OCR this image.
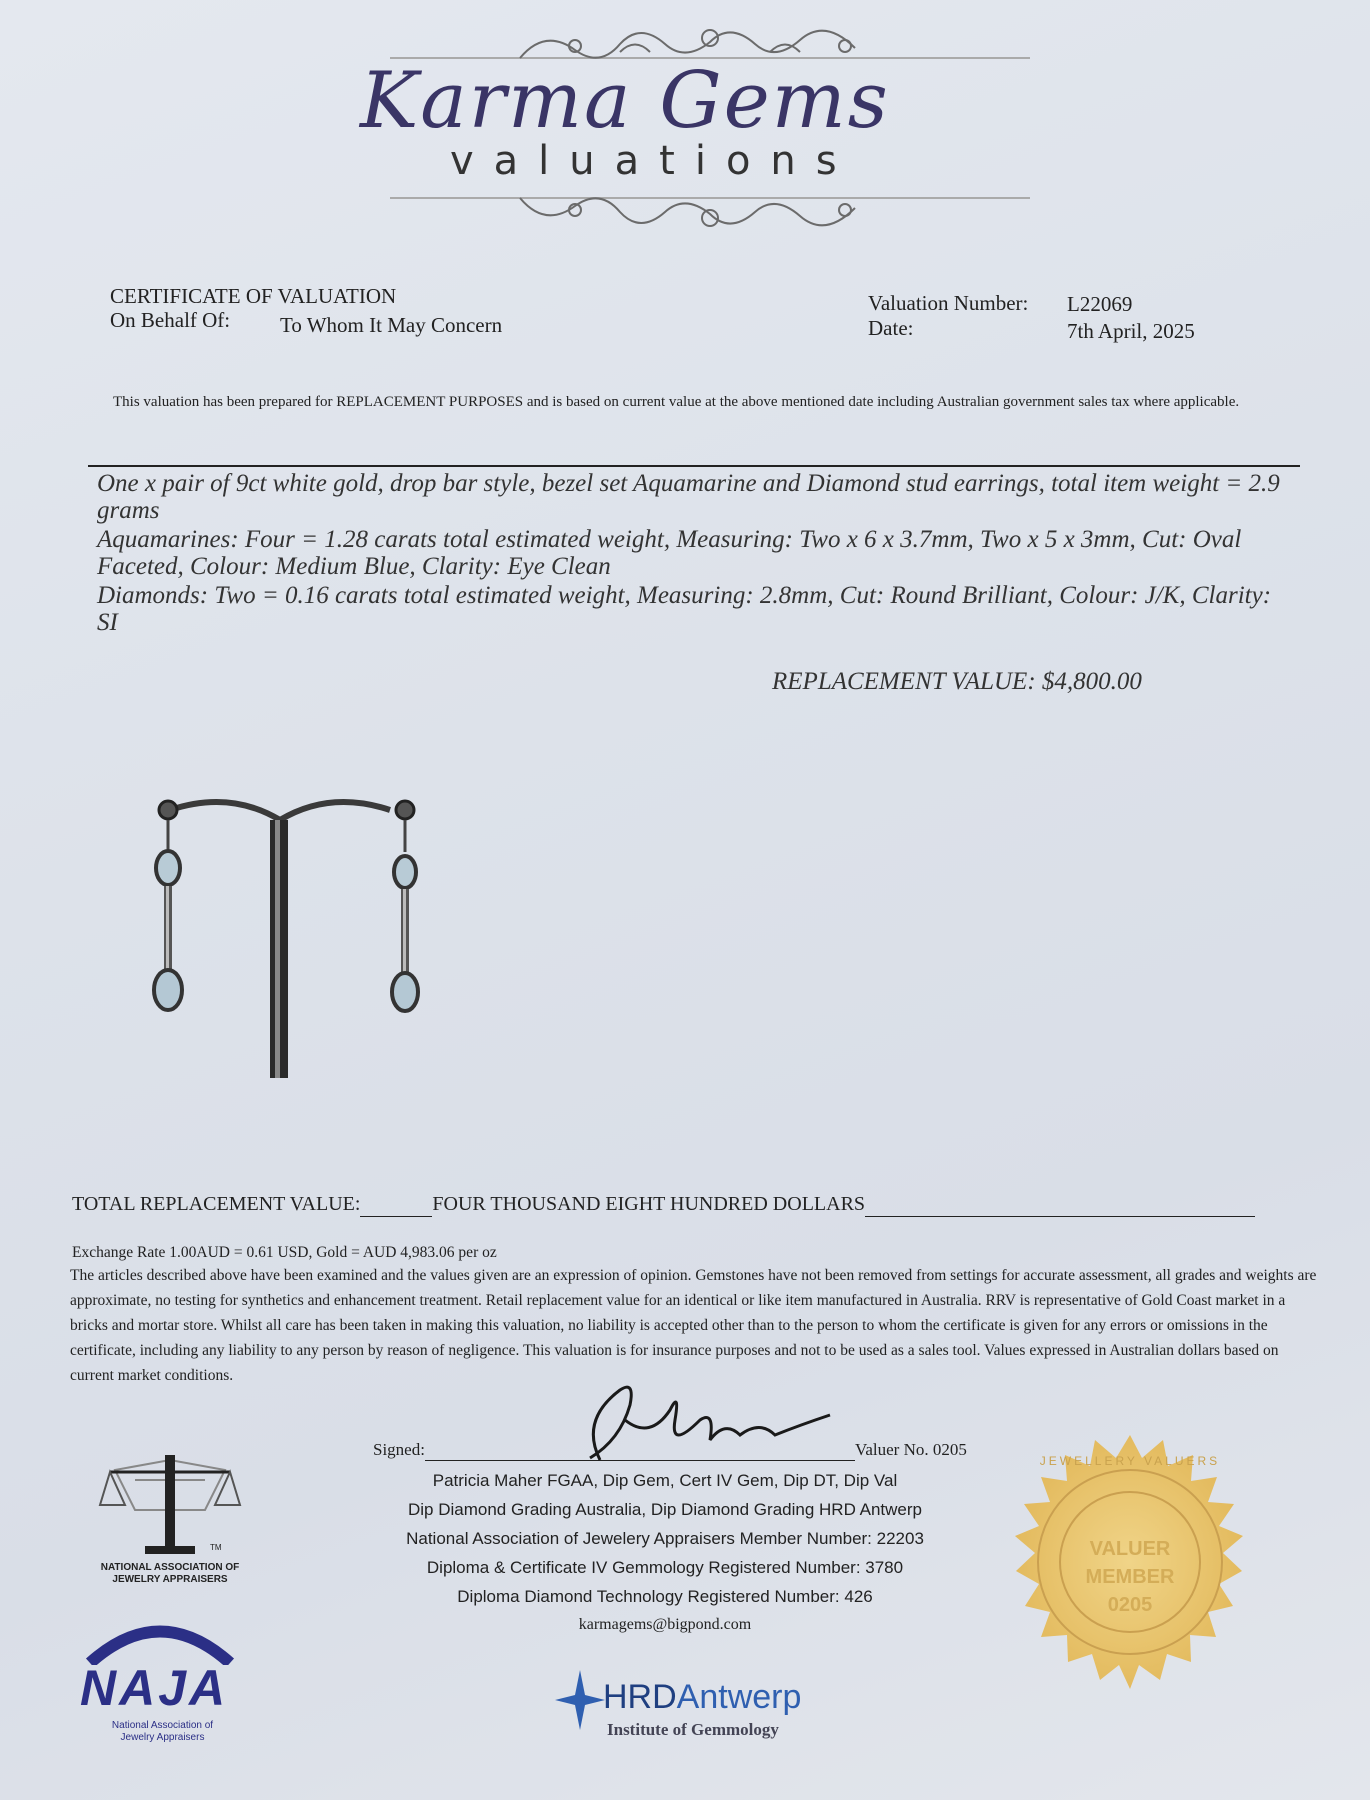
Karma Gems
valuations
CERTIFICATE OF VALUATION
On Behalf Of: To Whom It May Concern
Valuation Number: L22069
Date:	7th April, 2025
This valuation has been prepared for REPLACEMENT PURPOSES and is based on current value at the above mentioned date including Australian government sales tax where applicable.

One x pair of 9ct white gold, drop bar style, bezel set Aquamarine and Diamond stud earrings, total item weight = 2.9 grams

Aquamarines: Four = 1.28 carats total estimated weight, Measuring: Two x 6 x 3.7mm, Two x 5 x 3mm, Cut: Oval Faceted, Colour: Medium Blue, Clarity: Eye Clean

Diamonds: Two = 0.16 carats total estimated weight, Measuring: 2.8mm, Cut: Round Brilliant, Colour: J/K, Clarity: SI

REPLACEMENT VALUE: $4,800.00
TOTAL REPLACEMENT VALUE:	FOUR THOUSAND EIGHT HUNDRED DOLLARS
Exchange Rate 1.00AUD = 0.61 USD, Gold = AUD 4,983.06 per oz
The articles described above have been examined and the values given are an expression of opinion. Gemstones have not been removed from settings for accurate assessment, all grades and weights are approximate, no testing for synthetics and enhancement treatment. Retail replacement value for an identical or like item manufactured in Australia. RRV is representative of Gold Coast market in a bricks and mortar store. Whilst all care has been taken in making this valuation, no liability is accepted other than to the person to whom the certificate is given for any errors or omissions in the certificate, including any liability to any person by reason of negligence. This valuation is for insurance purposes and not to be used as a sales tool. Values expressed in Australian dollars based on current market conditions.
Signed:	Valuer No. 0205
Patricia Maher FGAA, Dip Gem, Cert IV Gem, Dip DT, Dip Val
Dip Diamond Grading Australia, Dip Diamond Grading HRD Antwerp
National Association of Jewelery Appraisers Member Number: 22203
Diploma & Certificate IV Gemmology Registered Number: 3780
Diploma Diamond Technology Registered Number: 426
karmagems@bigpond.com
TM
NATIONAL ASSOCIATION OF
JEWELRY APPRAISERS
NAJA
National Association of
Jewelry Appraisers
HRDAntwerp
Institute of Gemmology
JEWELLERY VALUERS
VALUER
MEMBER
0205
